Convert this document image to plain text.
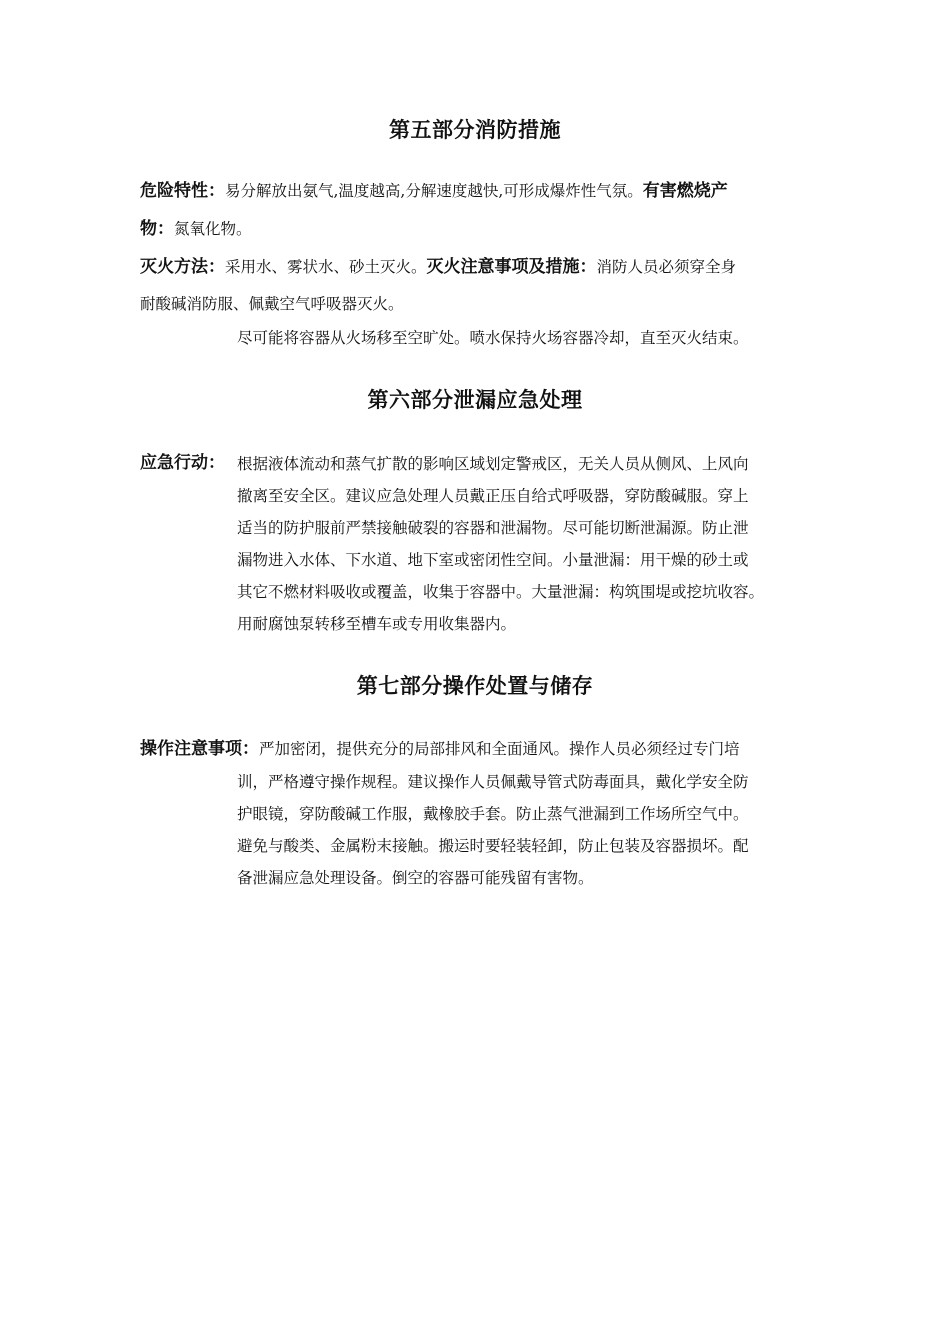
第五部分消防措施
危险特性：易分解放出氨气,温度越高,分解速度越快,可形成爆炸性气氛。有害燃烧产
物：氮氧化物。
灭火方法：采用水、雾状水、砂土灭火。灭火注意事项及措施：消防人员必须穿全身
耐酸碱消防服、佩戴空气呼吸器灭火。
尽可能将容器从火场移至空旷处。喷水保持火场容器冷却，直至灭火结束。
第六部分泄漏应急处理
应急行动： 根据液体流动和蒸气扩散的影响区域划定警戒区，无关人员从侧风、上风向
撤离至安全区。建议应急处理人员戴正压自给式呼吸器，穿防酸碱服。穿上
适当的防护服前严禁接触破裂的容器和泄漏物。尽可能切断泄漏源。防止泄
漏物进入水体、下水道、地下室或密闭性空间。小量泄漏：用干燥的砂土或
其它不燃材料吸收或覆盖，收集于容器中。大量泄漏：构筑围堤或挖坑收容。
用耐腐蚀泵转移至槽车或专用收集器内。
第七部分操作处置与储存
操作注意事项：严加密闭，提供充分的局部排风和全面通风。操作人员必须经过专门培
训，严格遵守操作规程。建议操作人员佩戴导管式防毒面具，戴化学安全防
护眼镜，穿防酸碱工作服，戴橡胶手套。防止蒸气泄漏到工作场所空气中。
避免与酸类、金属粉末接触。搬运时要轻装轻卸，防止包装及容器损坏。配
备泄漏应急处理设备。倒空的容器可能残留有害物。
